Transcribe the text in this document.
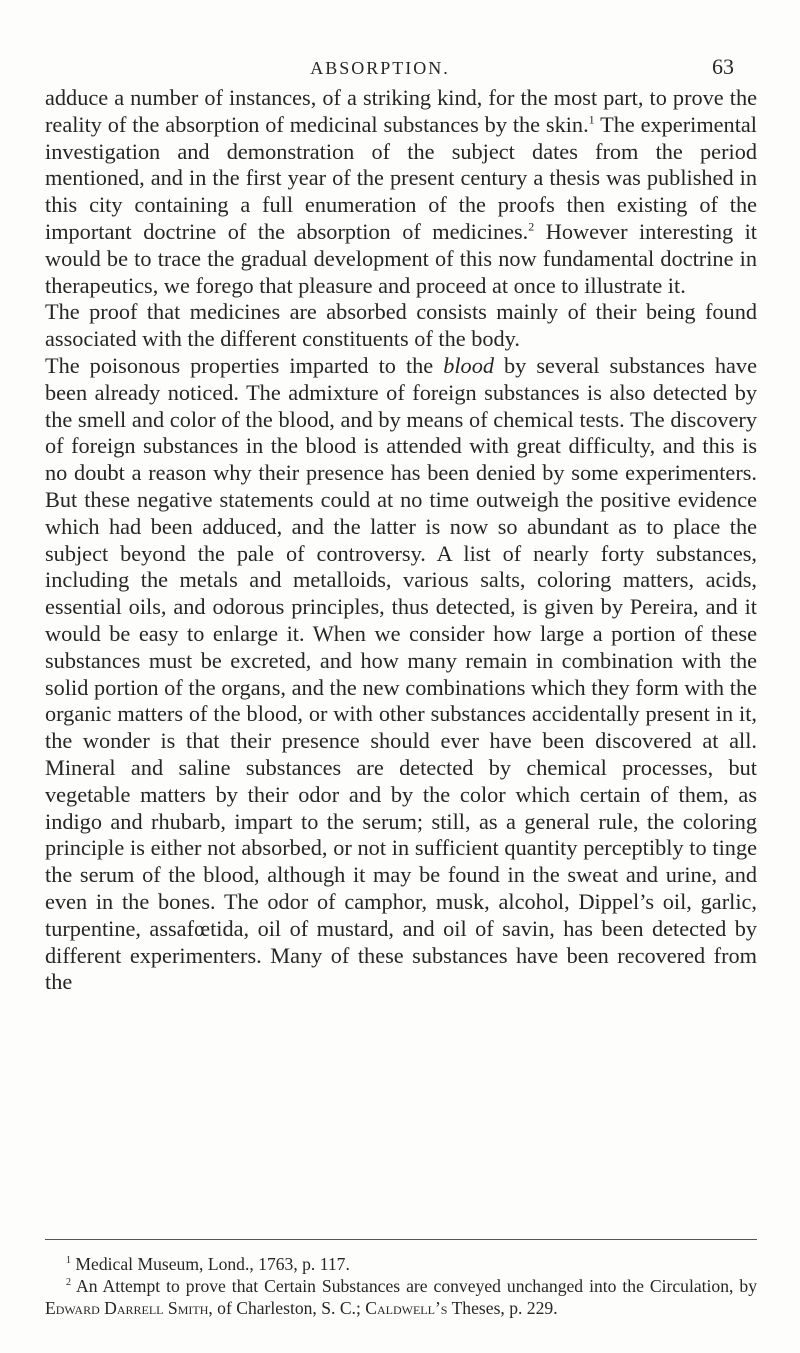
ABSORPTION.	63

adduce a number of instances, of a striking kind, for the most part, to prove the reality of the absorption of medicinal substances by the skin.$^1$ The experimental investigation and demonstration of the subject dates from the period mentioned, and in the first year of the present century a thesis was published in this city containing a full enumeration of the proofs then existing of the important doctrine of the absorption of medicines.$^2$ However interesting it would be to trace the gradual development of this now fundamental doctrine in therapeutics, we forego that pleasure and proceed at once to illustrate it.

The proof that medicines are absorbed consists mainly of their being found associated with the different constituents of the body.

The poisonous properties imparted to the blood by several substances have been already noticed. The admixture of foreign substances is also detected by the smell and color of the blood, and by means of chemical tests. The discovery of foreign substances in the blood is attended with great difficulty, and this is no doubt a reason why their presence has been denied by some experimenters. But these negative statements could at no time outweigh the positive evidence which had been adduced, and the latter is now so abundant as to place the subject beyond the pale of controversy. A list of nearly forty substances, including the metals and metalloids, various salts, coloring matters, acids, essential oils, and odorous principles, thus detected, is given by Pereira, and it would be easy to enlarge it. When we consider how large a portion of these substances must be excreted, and how many remain in combination with the solid portion of the organs, and the new combinations which they form with the organic matters of the blood, or with other substances accidentally present in it, the wonder is that their presence should ever have been discovered at all. Mineral and saline substances are detected by chemical processes, but vegetable matters by their odor and by the color which certain of them, as indigo and rhubarb, impart to the serum; still, as a general rule, the coloring principle is either not absorbed, or not in sufficient quantity perceptibly to tinge the serum of the blood, although it may be found in the sweat and urine, and even in the bones. The odor of camphor, musk, alcohol, Dippel’s oil, garlic, turpentine, assafœtida, oil of mustard, and oil of savin, has been detected by different experimenters. Many of these substances have been recovered from the

$^1$ Medical Museum, Lond., 1763, p. 117.

$^2$ An Attempt to prove that Certain Substances are conveyed unchanged into the Circulation, by Edward Darrell Smith, of Charleston, S. C.; Caldwell’s Theses, p. 229.
